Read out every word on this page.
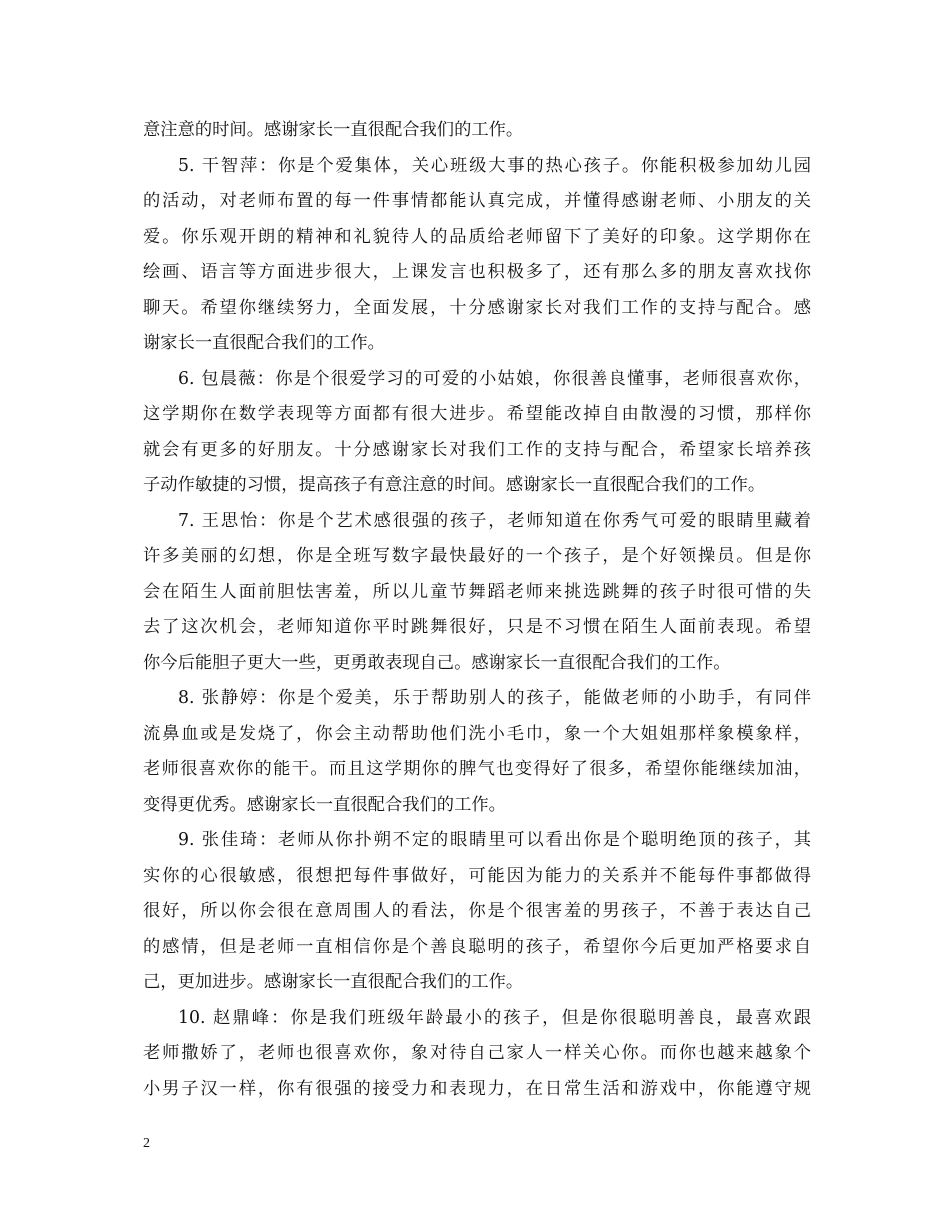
意注意的时间。感谢家长一直很配合我们的工作。
5. 干智萍：你是个爱集体，关心班级大事的热心孩子。你能积极参加幼儿园
的活动，对老师布置的每一件事情都能认真完成，并懂得感谢老师、小朋友的关
爱。你乐观开朗的精神和礼貌待人的品质给老师留下了美好的印象。这学期你在
绘画、语言等方面进步很大，上课发言也积极多了，还有那么多的朋友喜欢找你
聊天。希望你继续努力，全面发展，十分感谢家长对我们工作的支持与配合。感
谢家长一直很配合我们的工作。
6. 包晨薇：你是个很爱学习的可爱的小姑娘，你很善良懂事，老师很喜欢你，
这学期你在数学表现等方面都有很大进步。希望能改掉自由散漫的习惯，那样你
就会有更多的好朋友。十分感谢家长对我们工作的支持与配合，希望家长培养孩
子动作敏捷的习惯，提高孩子有意注意的时间。感谢家长一直很配合我们的工作。
7. 王思怡：你是个艺术感很强的孩子，老师知道在你秀气可爱的眼睛里藏着
许多美丽的幻想，你是全班写数字最快最好的一个孩子，是个好领操员。但是你
会在陌生人面前胆怯害羞，所以儿童节舞蹈老师来挑选跳舞的孩子时很可惜的失
去了这次机会，老师知道你平时跳舞很好，只是不习惯在陌生人面前表现。希望
你今后能胆子更大一些，更勇敢表现自己。感谢家长一直很配合我们的工作。
8. 张静婷：你是个爱美，乐于帮助别人的孩子，能做老师的小助手，有同伴
流鼻血或是发烧了，你会主动帮助他们洗小毛巾，象一个大姐姐那样象模象样，
老师很喜欢你的能干。而且这学期你的脾气也变得好了很多，希望你能继续加油，
变得更优秀。感谢家长一直很配合我们的工作。
9. 张佳琦：老师从你扑朔不定的眼睛里可以看出你是个聪明绝顶的孩子，其
实你的心很敏感，很想把每件事做好，可能因为能力的关系并不能每件事都做得
很好，所以你会很在意周围人的看法，你是个很害羞的男孩子，不善于表达自己
的感情，但是老师一直相信你是个善良聪明的孩子，希望你今后更加严格要求自
己，更加进步。感谢家长一直很配合我们的工作。
10. 赵鼎峰：你是我们班级年龄最小的孩子，但是你很聪明善良，最喜欢跟
老师撒娇了，老师也很喜欢你，象对待自己家人一样关心你。而你也越来越象个
小男子汉一样，你有很强的接受力和表现力，在日常生活和游戏中，你能遵守规
2
